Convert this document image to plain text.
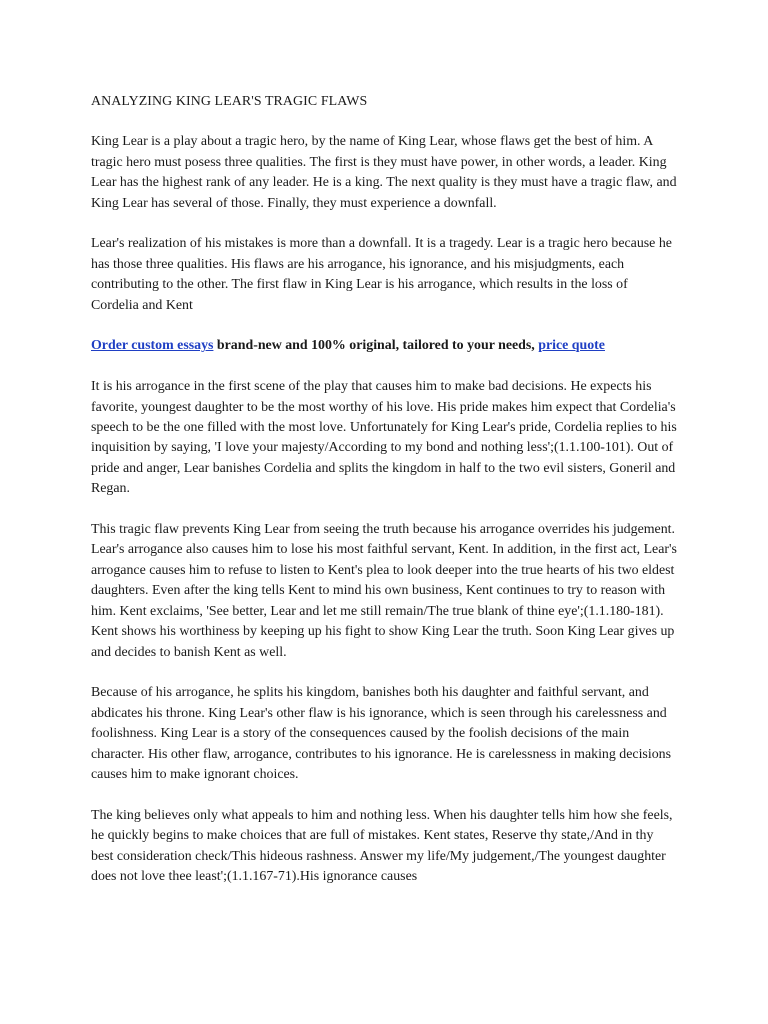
ANALYZING KING LEAR'S TRAGIC FLAWS

King Lear is a play about a tragic hero, by the name of King Lear, whose flaws get the best of him. A tragic hero must posess three qualities. The first is they must have power, in other words, a leader. King Lear has the highest rank of any leader. He is a king. The next quality is they must have a tragic flaw, and King Lear has several of those. Finally, they must experience a downfall.

Lear's realization of his mistakes is more than a downfall. It is a tragedy. Lear is a tragic hero because he has those three qualities. His flaws are his arrogance, his ignorance, and his misjudgments, each contributing to the other. The first flaw in King Lear is his arrogance, which results in the loss of Cordelia and Kent

Order custom essays brand-new and 100% original, tailored to your needs, price quote

It is his arrogance in the first scene of the play that causes him to make bad decisions. He expects his favorite, youngest daughter to be the most worthy of his love. His pride makes him expect that Cordelia's speech to be the one filled with the most love. Unfortunately for King Lear's pride, Cordelia replies to his inquisition by saying, 'I love your majesty/According to my bond and nothing less';(1.1.100-101). Out of pride and anger, Lear banishes Cordelia and splits the kingdom in half to the two evil sisters, Goneril and Regan.

This tragic flaw prevents King Lear from seeing the truth because his arrogance overrides his judgement. Lear's arrogance also causes him to lose his most faithful servant, Kent. In addition, in the first act, Lear's arrogance causes him to refuse to listen to Kent's plea to look deeper into the true hearts of his two eldest daughters. Even after the king tells Kent to mind his own business, Kent continues to try to reason with him. Kent exclaims, 'See better, Lear and let me still remain/The true blank of thine eye';(1.1.180-181). Kent shows his worthiness by keeping up his fight to show King Lear the truth. Soon King Lear gives up and decides to banish Kent as well.

Because of his arrogance, he splits his kingdom, banishes both his daughter and faithful servant, and abdicates his throne. King Lear's other flaw is his ignorance, which is seen through his carelessness and foolishness. King Lear is a story of the consequences caused by the foolish decisions of the main character. His other flaw, arrogance, contributes to his ignorance. He is carelessness in making decisions causes him to make ignorant choices.

The king believes only what appeals to him and nothing less. When his daughter tells him how she feels, he quickly begins to make choices that are full of mistakes. Kent states, Reserve thy state,/And in thy best consideration check/This hideous rashness. Answer my life/My judgement,/The youngest daughter does not love thee least';(1.1.167-71).His ignorance causes
